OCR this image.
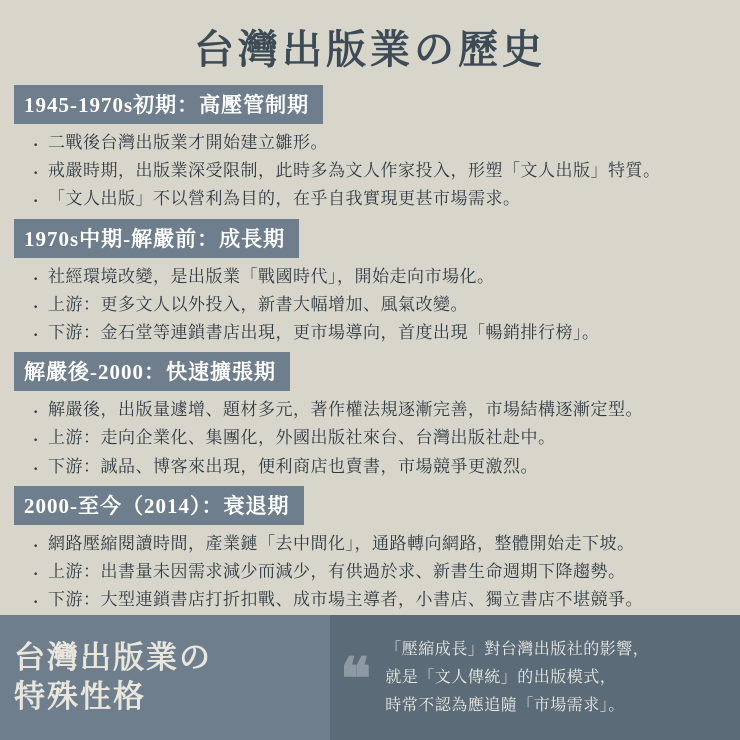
台灣出版業の歷史
1945-1970s初期：高壓管制期
· 二戰後台灣出版業才開始建立雛形。
· 戒嚴時期，出版業深受限制，此時多為文人作家投入，形塑「文人出版」特質。
· 「文人出版」不以營利為目的，在乎自我實現更甚市場需求。
1970s中期-解嚴前：成長期
· 社經環境改變，是出版業「戰國時代」，開始走向市場化。
· 上游：更多文人以外投入，新書大幅增加、風氣改變。
· 下游：金石堂等連鎖書店出現，更市場導向，首度出現「暢銷排行榜」。
解嚴後-2000：快速擴張期
· 解嚴後，出版量遽增、題材多元，著作權法規逐漸完善，市場結構逐漸定型。
· 上游：走向企業化、集團化，外國出版社來台、台灣出版社赴中。
· 下游：誠品、博客來出現，便利商店也賣書，市場競爭更激烈。
2000-至今（2014）：衰退期
· 網路壓縮閱讀時間，產業鏈「去中間化」，通路轉向網路，整體開始走下坡。
· 上游：出書量未因需求減少而減少，有供過於求、新書生命週期下降趨勢。
· 下游：大型連鎖書店打折扣戰、成市場主導者，小書店、獨立書店不堪競爭。
台灣出版業の
特殊性格	❝ 「壓縮成長」對台灣出版社的影響，
就是「文人傳統」的出版模式，
時常不認為應追隨「市場需求」。
